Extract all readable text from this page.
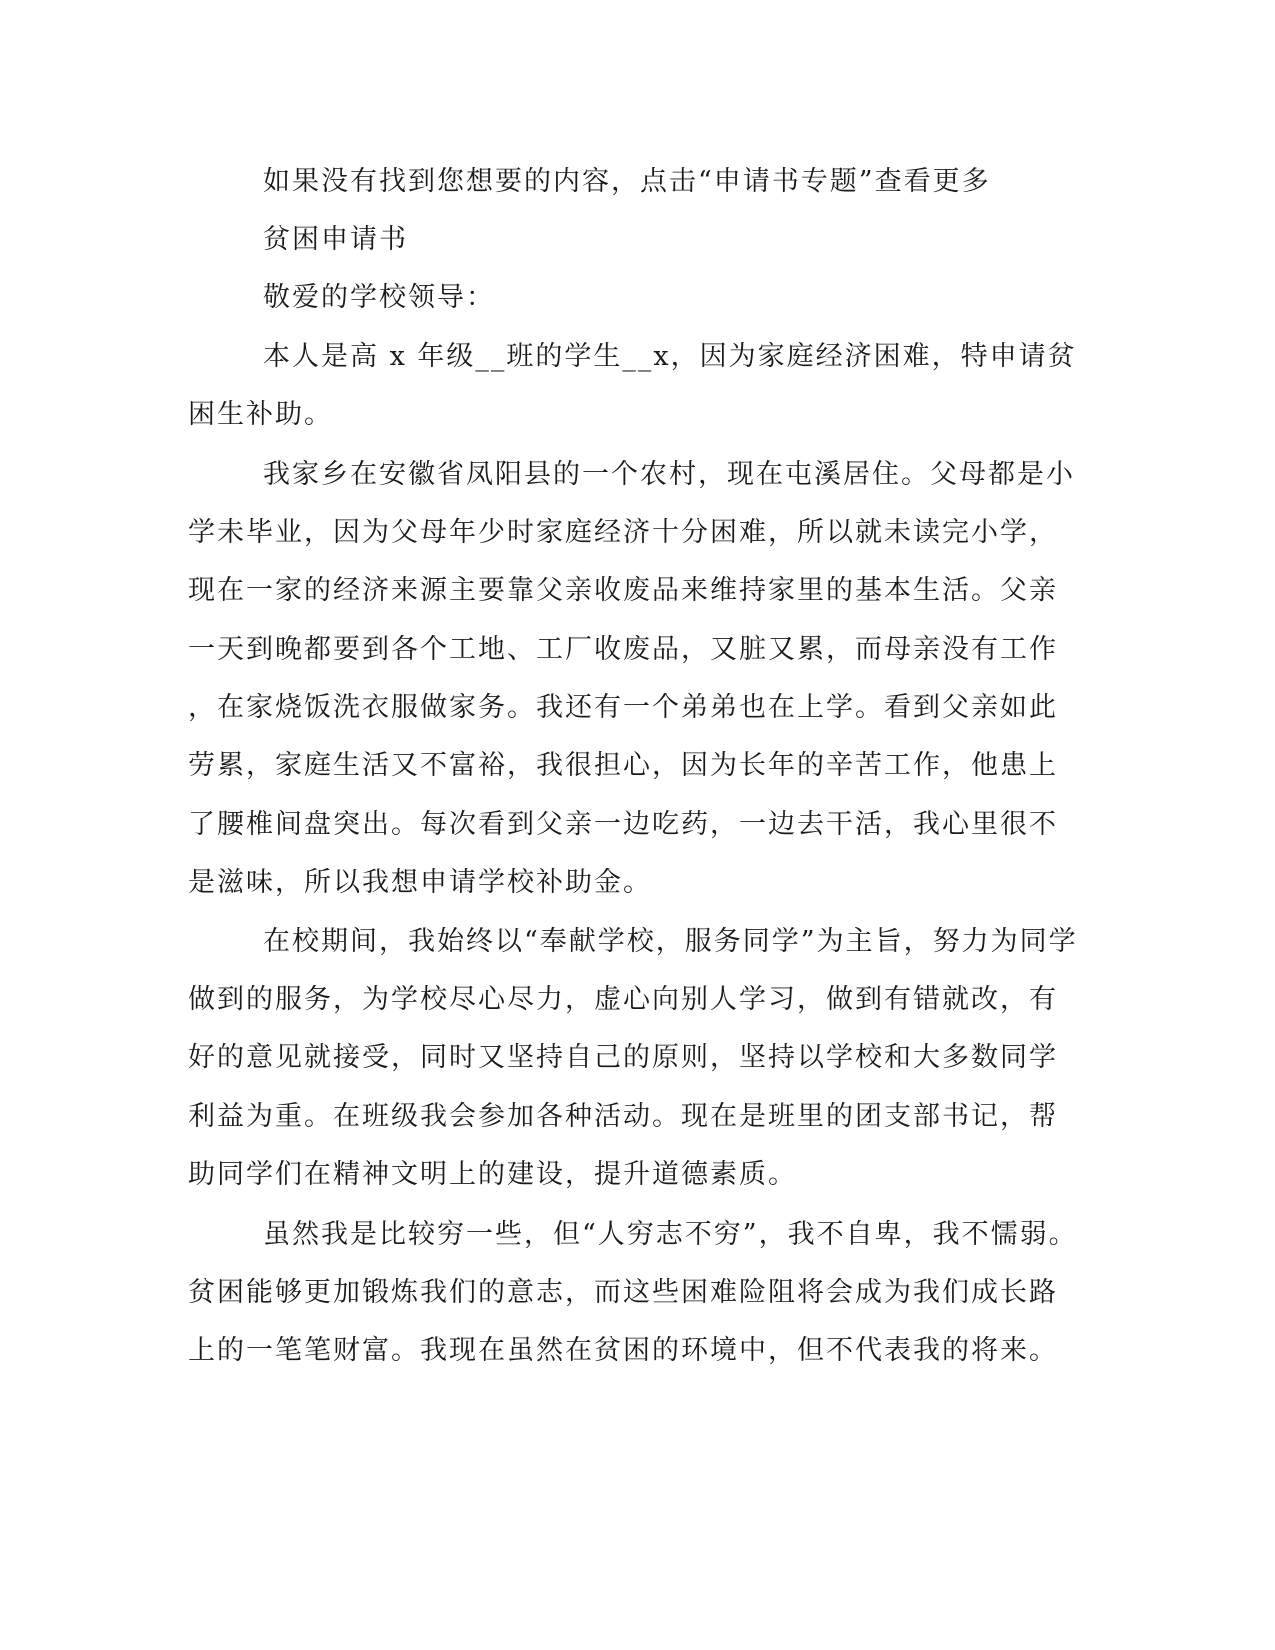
如果没有找到您想要的内容，点击“申请书专题”查看更多
贫困申请书
敬爱的学校领导：
本人是高 x 年级__班的学生__x，因为家庭经济困难，特申请贫
困生补助。
我家乡在安徽省凤阳县的一个农村，现在屯溪居住。父母都是小
学未毕业，因为父母年少时家庭经济十分困难，所以就未读完小学，
现在一家的经济来源主要靠父亲收废品来维持家里的基本生活。父亲
一天到晚都要到各个工地、工厂收废品，又脏又累，而母亲没有工作
，在家烧饭洗衣服做家务。我还有一个弟弟也在上学。看到父亲如此
劳累，家庭生活又不富裕，我很担心，因为长年的辛苦工作，他患上
了腰椎间盘突出。每次看到父亲一边吃药，一边去干活，我心里很不
是滋味，所以我想申请学校补助金。
在校期间，我始终以“奉献学校，服务同学”为主旨，努力为同学
做到的服务，为学校尽心尽力，虚心向别人学习，做到有错就改，有
好的意见就接受，同时又坚持自己的原则，坚持以学校和大多数同学
利益为重。在班级我会参加各种活动。现在是班里的团支部书记，帮
助同学们在精神文明上的建设，提升道德素质。
虽然我是比较穷一些，但“人穷志不穷”，我不自卑，我不懦弱。
贫困能够更加锻炼我们的意志，而这些困难险阻将会成为我们成长路
上的一笔笔财富。我现在虽然在贫困的环境中，但不代表我的将来。
